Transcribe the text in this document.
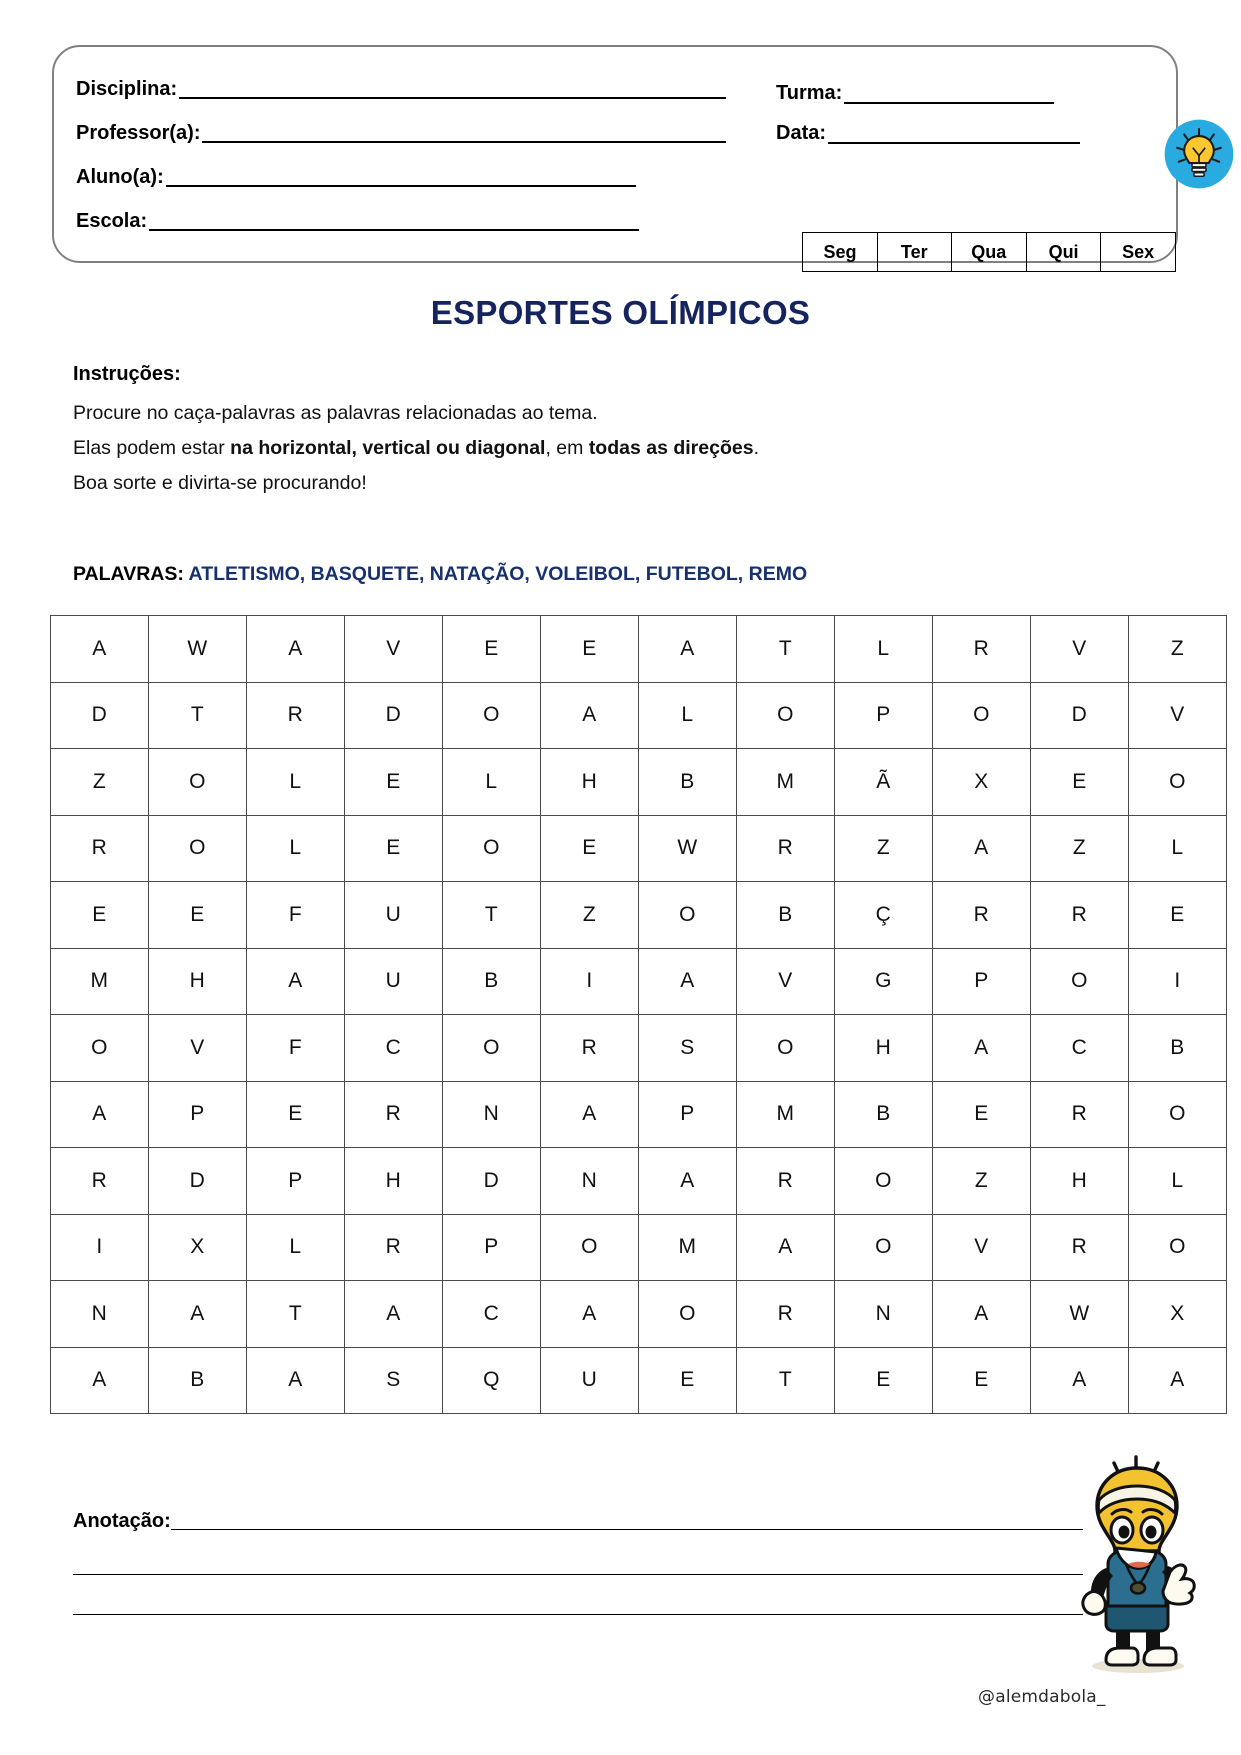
Disciplina:
Professor(a):
Aluno(a):
Escola:
Turma:
Data:
Seg	Ter	Qua	Qui	Sex
ESPORTES OLÍMPICOS
Instruções:
Procure no caça-palavras as palavras relacionadas ao tema.
Elas podem estar na horizontal, vertical ou diagonal, em todas as direções.
Boa sorte e divirta-se procurando!
PALAVRAS: ATLETISMO, BASQUETE, NATAÇÃO, VOLEIBOL, FUTEBOL, REMO
A	W	A	V	E	E	A	T	L	R	V	Z
D	T	R	D	O	A	L	O	P	O	D	V
Z	O	L	E	L	H	B	M	Ã	X	E	O
R	O	L	E	O	E	W	R	Z	A	Z	L
E	E	F	U	T	Z	O	B	Ç	R	R	E
M	H	A	U	B	I	A	V	G	P	O	I
O	V	F	C	O	R	S	O	H	A	C	B
A	P	E	R	N	A	P	M	B	E	R	O
R	D	P	H	D	N	A	R	O	Z	H	L
I	X	L	R	P	O	M	A	O	V	R	O
N	A	T	A	C	A	O	R	N	A	W	X
A	B	A	S	Q	U	E	T	E	E	A	A
Anotação:
@alemdabola_
